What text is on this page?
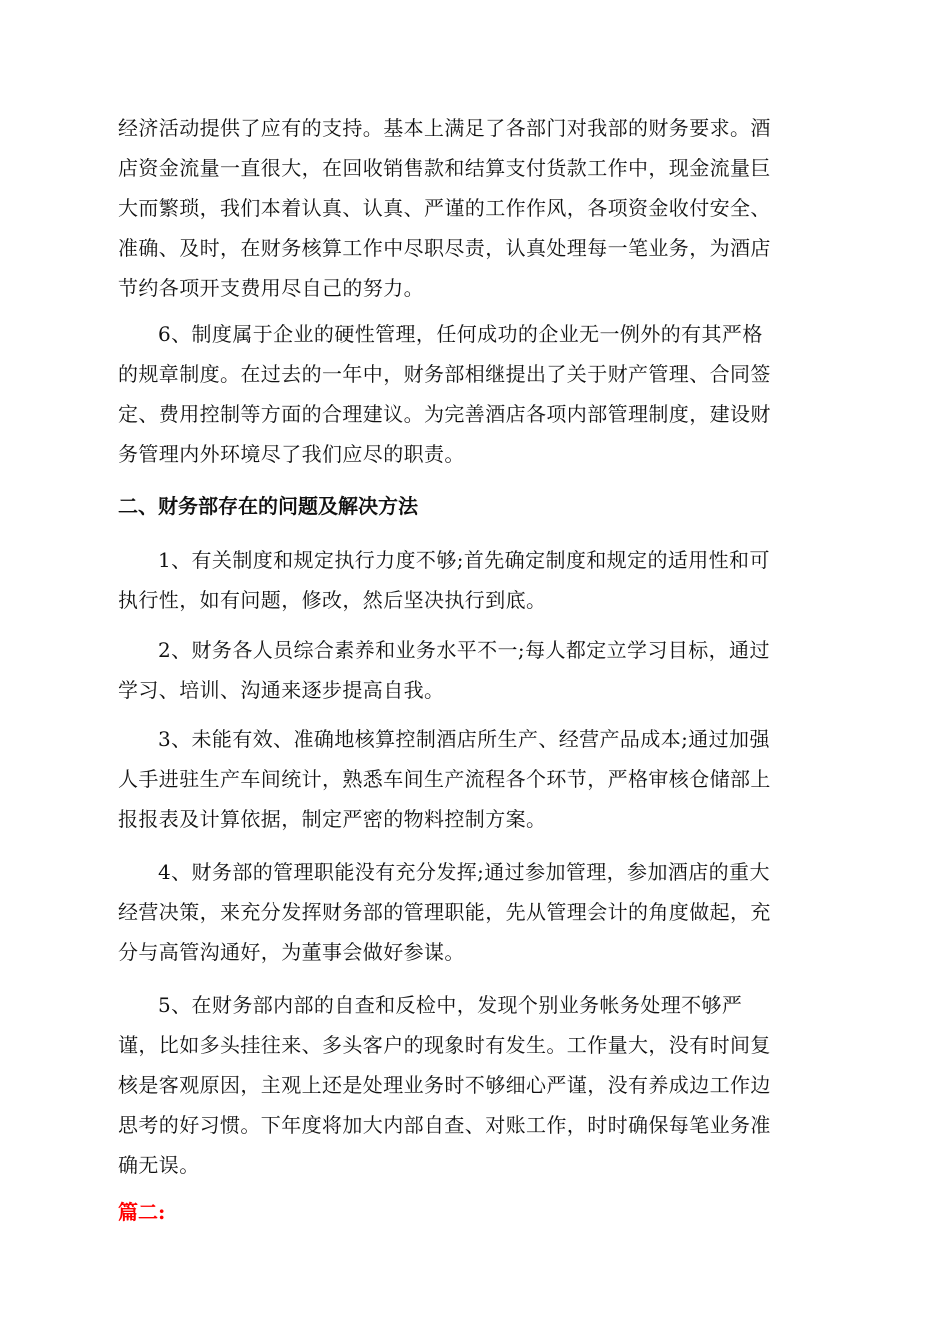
经济活动提供了应有的支持。基本上满足了各部门对我部的财务要求。酒
店资金流量一直很大，在回收销售款和结算支付货款工作中，现金流量巨
大而繁琐，我们本着认真、认真、严谨的工作作风，各项资金收付安全、
准确、及时，在财务核算工作中尽职尽责，认真处理每一笔业务，为酒店
节约各项开支费用尽自己的努力。

6、制度属于企业的硬性管理，任何成功的企业无一例外的有其严格
的规章制度。在过去的一年中，财务部相继提出了关于财产管理、合同签
定、费用控制等方面的合理建议。为完善酒店各项内部管理制度，建设财
务管理内外环境尽了我们应尽的职责。

二、财务部存在的问题及解决方法

1、有关制度和规定执行力度不够;首先确定制度和规定的适用性和可
执行性，如有问题，修改，然后坚决执行到底。

2、财务各人员综合素养和业务水平不一;每人都定立学习目标，通过
学习、培训、沟通来逐步提高自我。

3、未能有效、准确地核算控制酒店所生产、经营产品成本;通过加强
人手进驻生产车间统计，熟悉车间生产流程各个环节，严格审核仓储部上
报报表及计算依据，制定严密的物料控制方案。

4、财务部的管理职能没有充分发挥;通过参加管理，参加酒店的重大
经营决策，来充分发挥财务部的管理职能，先从管理会计的角度做起，充
分与高管沟通好，为董事会做好参谋。

5、在财务部内部的自查和反检中，发现个别业务帐务处理不够严
谨，比如多头挂往来、多头客户的现象时有发生。工作量大，没有时间复
核是客观原因，主观上还是处理业务时不够细心严谨，没有养成边工作边
思考的好习惯。下年度将加大内部自查、对账工作，时时确保每笔业务准
确无误。

篇二:
